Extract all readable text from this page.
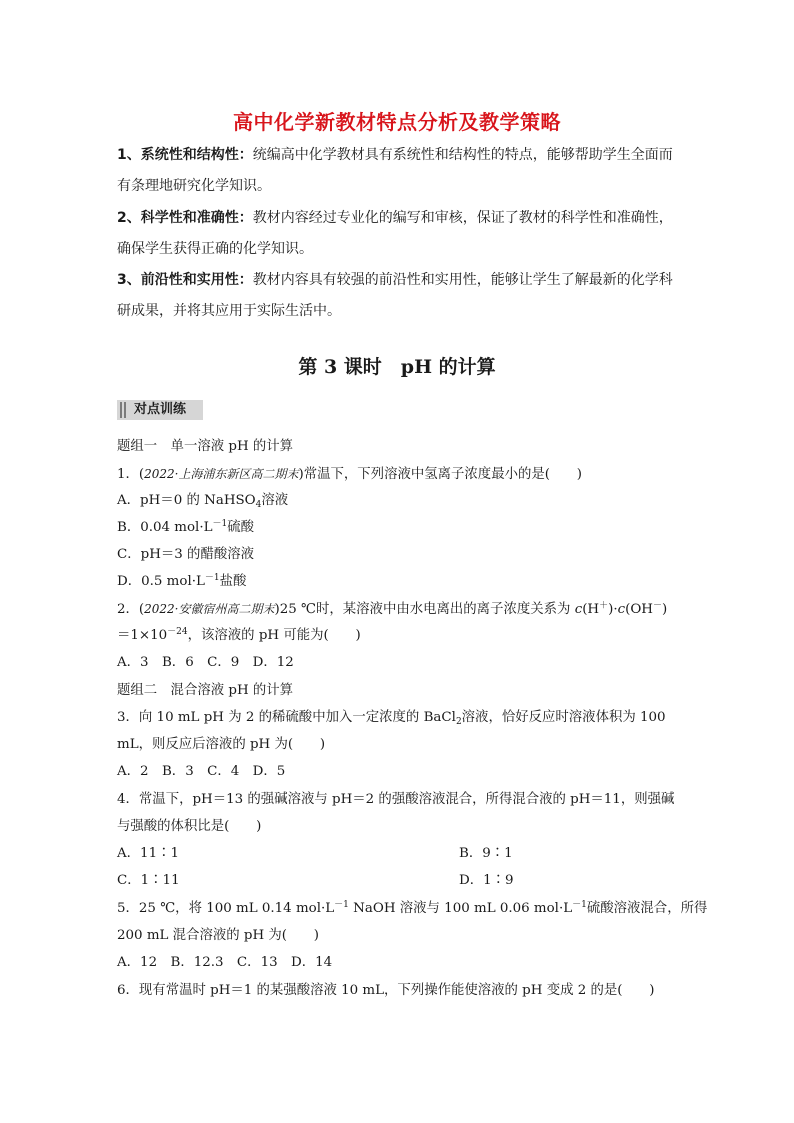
高中化学新教材特点分析及教学策略
1、系统性和结构性：统编高中化学教材具有系统性和结构性的特点，能够帮助学生全面而
有条理地研究化学知识。
2、科学性和准确性：教材内容经过专业化的编写和审核，保证了教材的科学性和准确性，
确保学生获得正确的化学知识。
3、前沿性和实用性：教材内容具有较强的前沿性和实用性，能够让学生了解最新的化学科
研成果，并将其应用于实际生活中。
第 3 课时　pH 的计算
对点训练
题组一　单一溶液 pH 的计算
1．(2022·上海浦东新区高二期末)常温下，下列溶液中氢离子浓度最小的是(　　)
A．pH＝0 的 NaHSO$_4$溶液
B．0.04 $mol\cdot L^{-1}$硫酸
C．pH＝3 的醋酸溶液
D．0.5 $mol\cdot L^{-1}$盐酸
2．(2022·安徽宿州高二期末)25 ℃时，某溶液中由水电离出的离子浓度关系为 c(H＋)·c(OH－)
$=1\times 10^{-24}$，该溶液的 pH 可能为(　　)
A．3　B．6　C．9　D．12
题组二　混合溶液 pH 的计算
3．向 10 mL pH 为 2 的稀硫酸中加入一定浓度的 BaCl$_2$溶液，恰好反应时溶液体积为 100
mL，则反应后溶液的 pH 为(　　)
A．2　B．3　C．4　D．5
4．常温下，pH＝13 的强碱溶液与 pH＝2 的强酸溶液混合，所得混合液的 pH＝11，则强碱
与强酸的体积比是(　　)
A．11∶1	B．9∶1
C．1∶11	D．1∶9
5．25 ℃，将 100 mL 0.14 $mol\cdot L^{-1}$ NaOH 溶液与 100 mL 0.06 $mol\cdot L^{-1}$硫酸溶液混合，所得
200 mL 混合溶液的 pH 为(　　)
A．12　B．12.3　C．13　D．14
6．现有常温时 pH＝1 的某强酸溶液 10 mL，下列操作能使溶液的 pH 变成 2 的是(　　)
